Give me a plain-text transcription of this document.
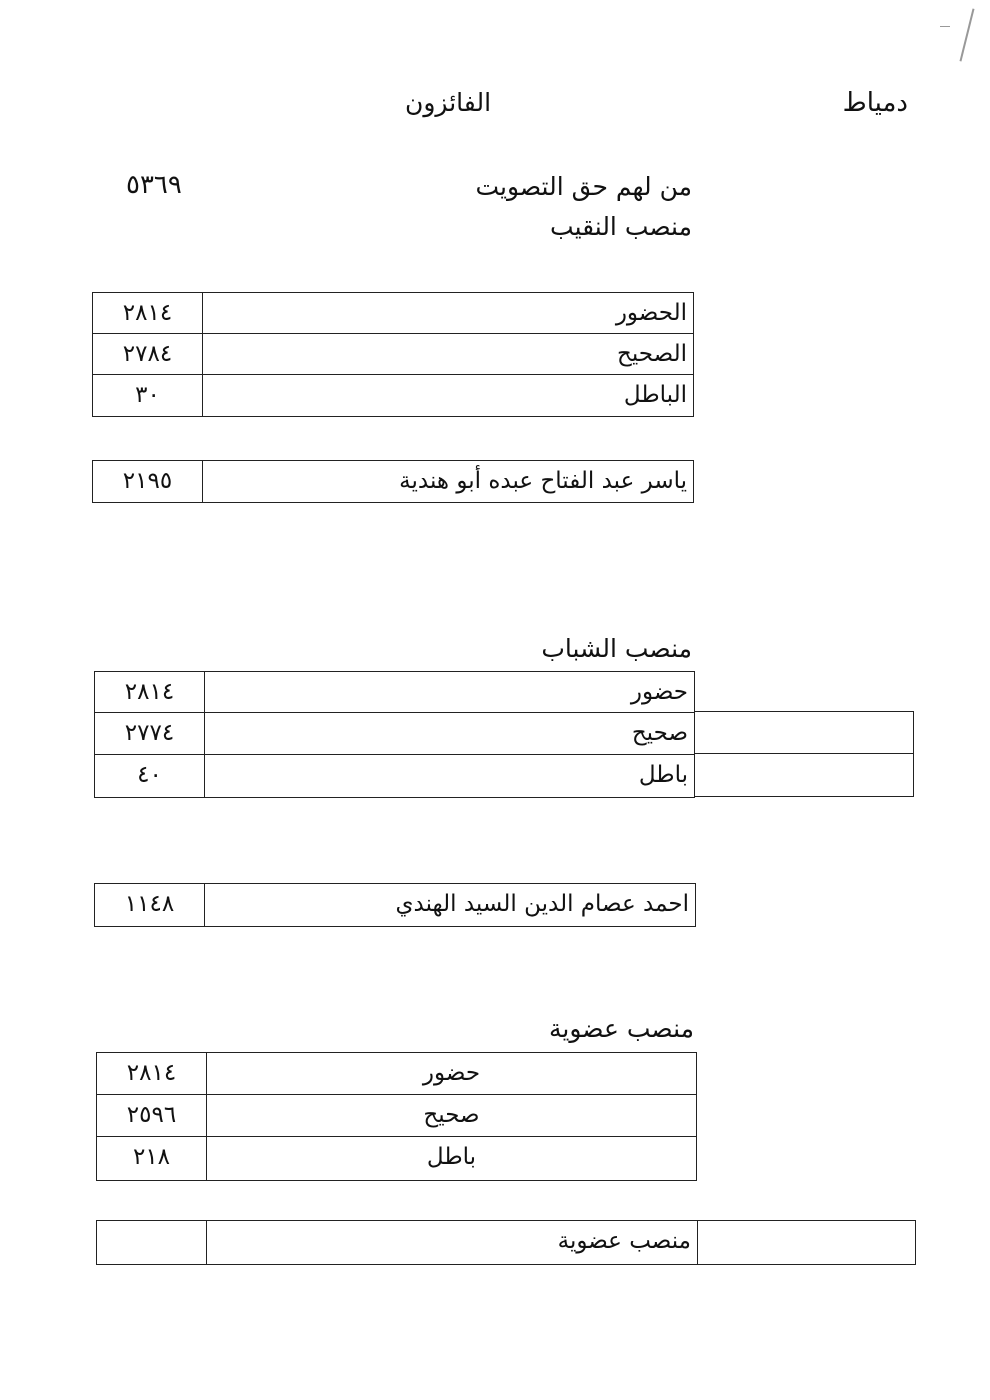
دمياط
الفائزون
٥٣٦٩	من لهم حق التصويت
منصب النقيب
الحضور
٢٨١٤
الصحيح
٢٧٨٤
الباطل
٣٠
ياسر عبد الفتاح عبده أبو هندية
٢١٩٥
منصب الشباب
حضور
٢٨١٤
صحيح
٢٧٧٤
باطل
٤٠
احمد عصام الدين السيد الهندي
١١٤٨
منصب عضوية
حضور
٢٨١٤
صحيح
٢٥٩٦
باطل
٢١٨
منصب عضوية
